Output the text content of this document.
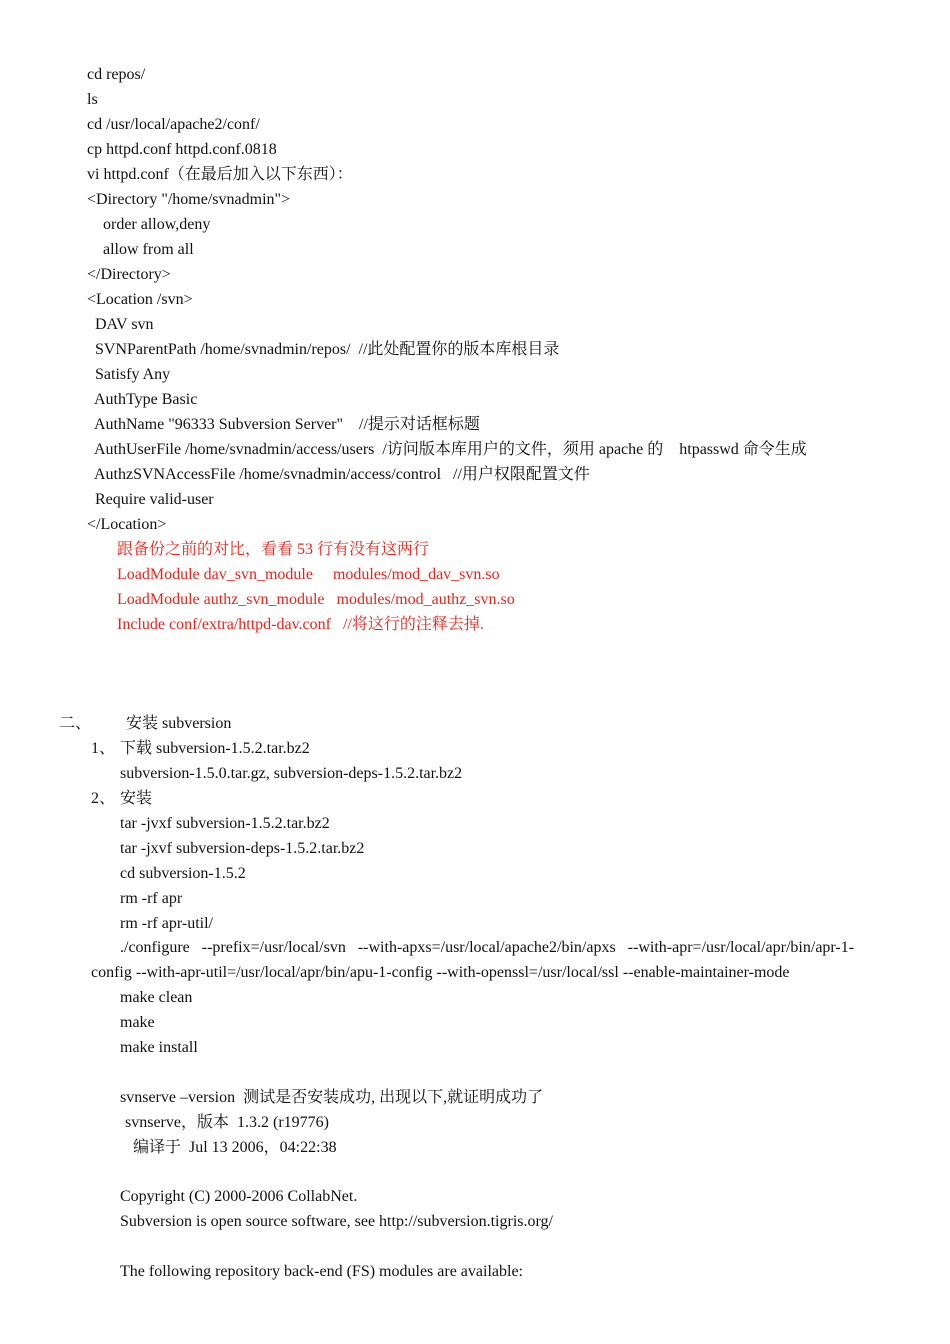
cd repos/
ls
cd /usr/local/apache2/conf/
cp httpd.conf httpd.conf.0818
vi httpd.conf（在最后加入以下东西）：
<Directory "/home/svnadmin">
order allow,deny
allow from all
</Directory>
<Location /svn>
DAV svn
SVNParentPath /home/svnadmin/repos/  //此处配置你的版本库根目录
Satisfy Any
AuthType Basic
AuthName "96333 Subversion Server"    //提示对话框标题
AuthUserFile /home/svnadmin/access/users  /访问版本库用户的文件，须用 apache 的    htpasswd 命令生成
AuthzSVNAccessFile /home/svnadmin/access/control   //用户权限配置文件
Require valid-user
</Location>
跟备份之前的对比，看看 53 行有没有这两行
LoadModule dav_svn_module     modules/mod_dav_svn.so
LoadModule authz_svn_module   modules/mod_authz_svn.so
Include conf/extra/httpd-dav.conf   //将这行的注释去掉.
二、 安装 subversion
1、 下载 subversion-1.5.2.tar.bz2
subversion-1.5.0.tar.gz, subversion-deps-1.5.2.tar.bz2
2、 安装
tar -jvxf subversion-1.5.2.tar.bz2
tar -jxvf subversion-deps-1.5.2.tar.bz2
cd subversion-1.5.2
rm -rf apr
rm -rf apr-util/
./configure   --prefix=/usr/local/svn   --with-apxs=/usr/local/apache2/bin/apxs   --with-apr=/usr/local/apr/bin/apr-1-
config --with-apr-util=/usr/local/apr/bin/apu-1-config --with-openssl=/usr/local/ssl --enable-maintainer-mode
make clean
make
make install
svnserve –version  测试是否安装成功, 出现以下,就证明成功了
svnserve，版本  1.3.2 (r19776)
编译于  Jul 13 2006，04:22:38
Copyright (C) 2000-2006 CollabNet.
Subversion is open source software, see http://subversion.tigris.org/
The following repository back-end (FS) modules are available:
